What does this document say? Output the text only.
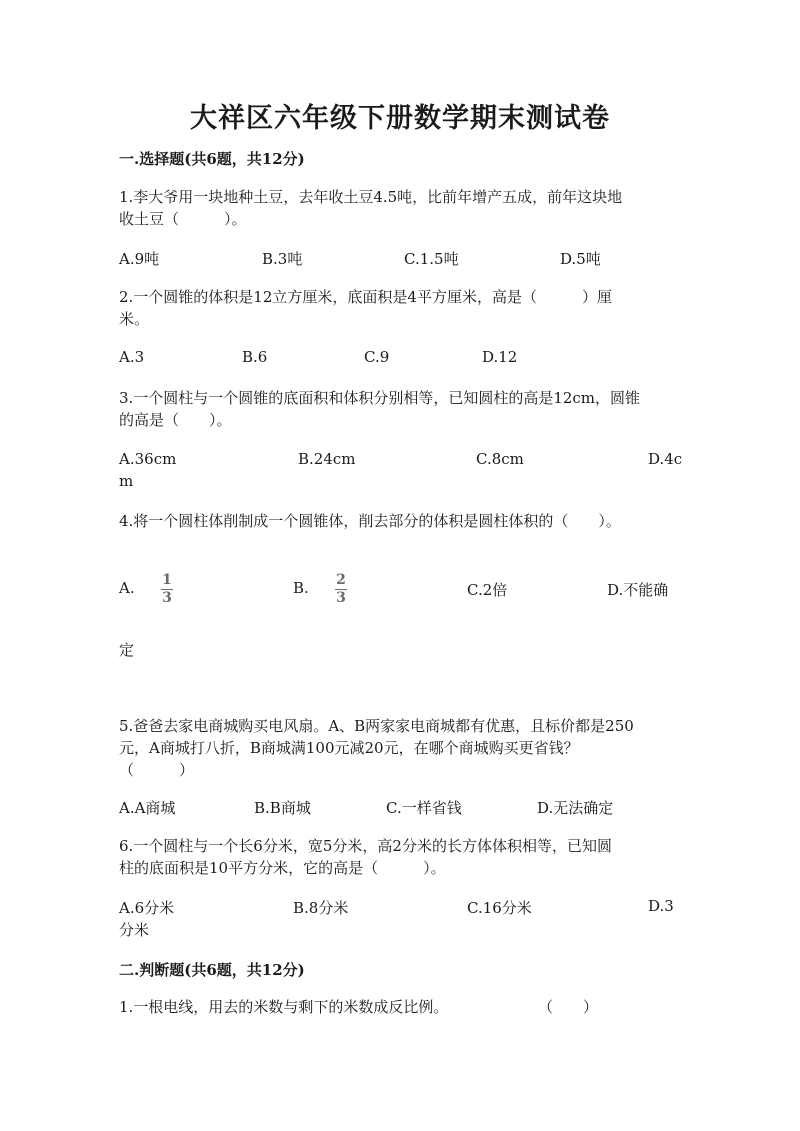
大祥区六年级下册数学期末测试卷
一.选择题(共6题，共12分)
1.李大爷用一块地种土豆，去年收土豆4.5吨，比前年增产五成，前年这块地
收土豆（　　　）。
A.9吨	B.3吨	C.1.5吨	D.5吨
2.一个圆锥的体积是12立方厘米，底面积是4平方厘米，高是（　　　）厘
米。
A.3	B.6	C.9	D.12
3.一个圆柱与一个圆锥的底面积和体积分别相等，已知圆柱的高是12cm，圆锥
的高是（　　）。
A.36cm	B.24cm	C.8cm	D.4c
m
4.将一个圆柱体削制成一个圆锥体，削去部分的体积是圆柱体积的（　　）。
A. 1
3
B. 2
3	C.2倍	D.不能确
定
5.爸爸去家电商城购买电风扇。A、B两家家电商城都有优惠，且标价都是250
元，A商城打八折，B商城满100元减20元，在哪个商城购买更省钱？
（　　　）
A.A商城	B.B商城	C.一样省钱	D.无法确定
6.一个圆柱与一个长6分米，宽5分米，高2分米的长方体体积相等，已知圆
柱的底面积是10平方分米，它的高是（　　　）。
A.6分米	B.8分米	C.16分米	D.3
分米
二.判断题(共6题，共12分)
1.一根电线，用去的米数与剩下的米数成反比例。	（　　）
